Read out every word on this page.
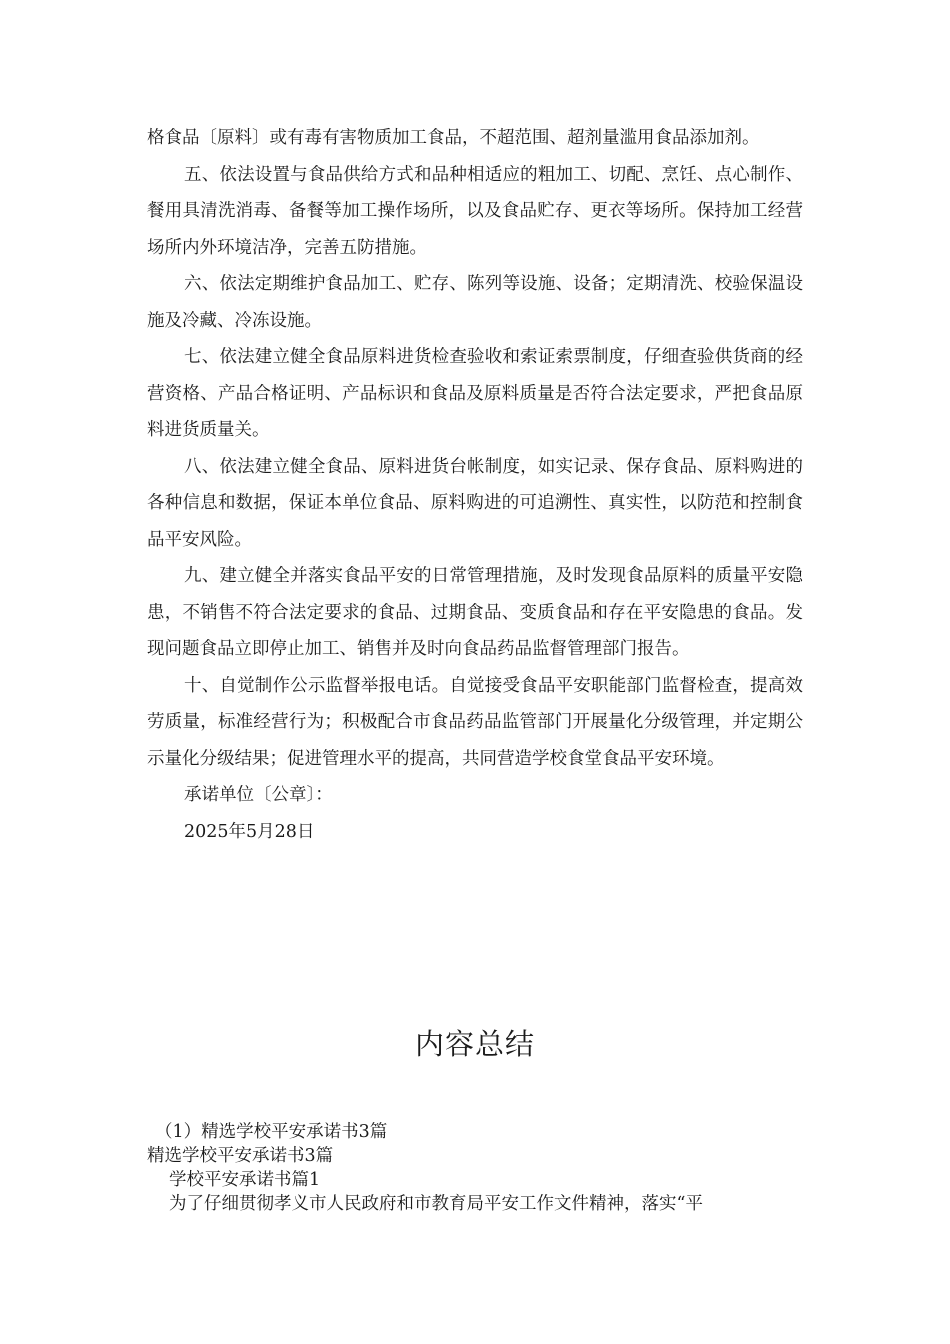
格食品〔原料〕或有毒有害物质加工食品，不超范围、超剂量滥用食品添加剂。

五、依法设置与食品供给方式和品种相适应的粗加工、切配、烹饪、点心制作、餐用具清洗消毒、备餐等加工操作场所，以及食品贮存、更衣等场所。保持加工经营场所内外环境洁净，完善五防措施。

六、依法定期维护食品加工、贮存、陈列等设施、设备；定期清洗、校验保温设施及冷藏、冷冻设施。

七、依法建立健全食品原料进货检查验收和索证索票制度，仔细查验供货商的经营资格、产品合格证明、产品标识和食品及原料质量是否符合法定要求，严把食品原料进货质量关。

八、依法建立健全食品、原料进货台帐制度，如实记录、保存食品、原料购进的各种信息和数据，保证本单位食品、原料购进的可追溯性、真实性，以防范和控制食品平安风险。

九、建立健全并落实食品平安的日常管理措施，及时发现食品原料的质量平安隐患，不销售不符合法定要求的食品、过期食品、变质食品和存在平安隐患的食品。发现问题食品立即停止加工、销售并及时向食品药品监督管理部门报告。

十、自觉制作公示监督举报电话。自觉接受食品平安职能部门监督检查，提高效劳质量，标准经营行为；积极配合市食品药品监管部门开展量化分级管理，并定期公示量化分级结果；促进管理水平的提高，共同营造学校食堂食品平安环境。

承诺单位〔公章〕：

2025年5月28日

内容总结

（1）精选学校平安承诺书3篇

精选学校平安承诺书3篇

学校平安承诺书篇1

为了仔细贯彻孝义市人民政府和市教育局平安工作文件精神，落实“平
